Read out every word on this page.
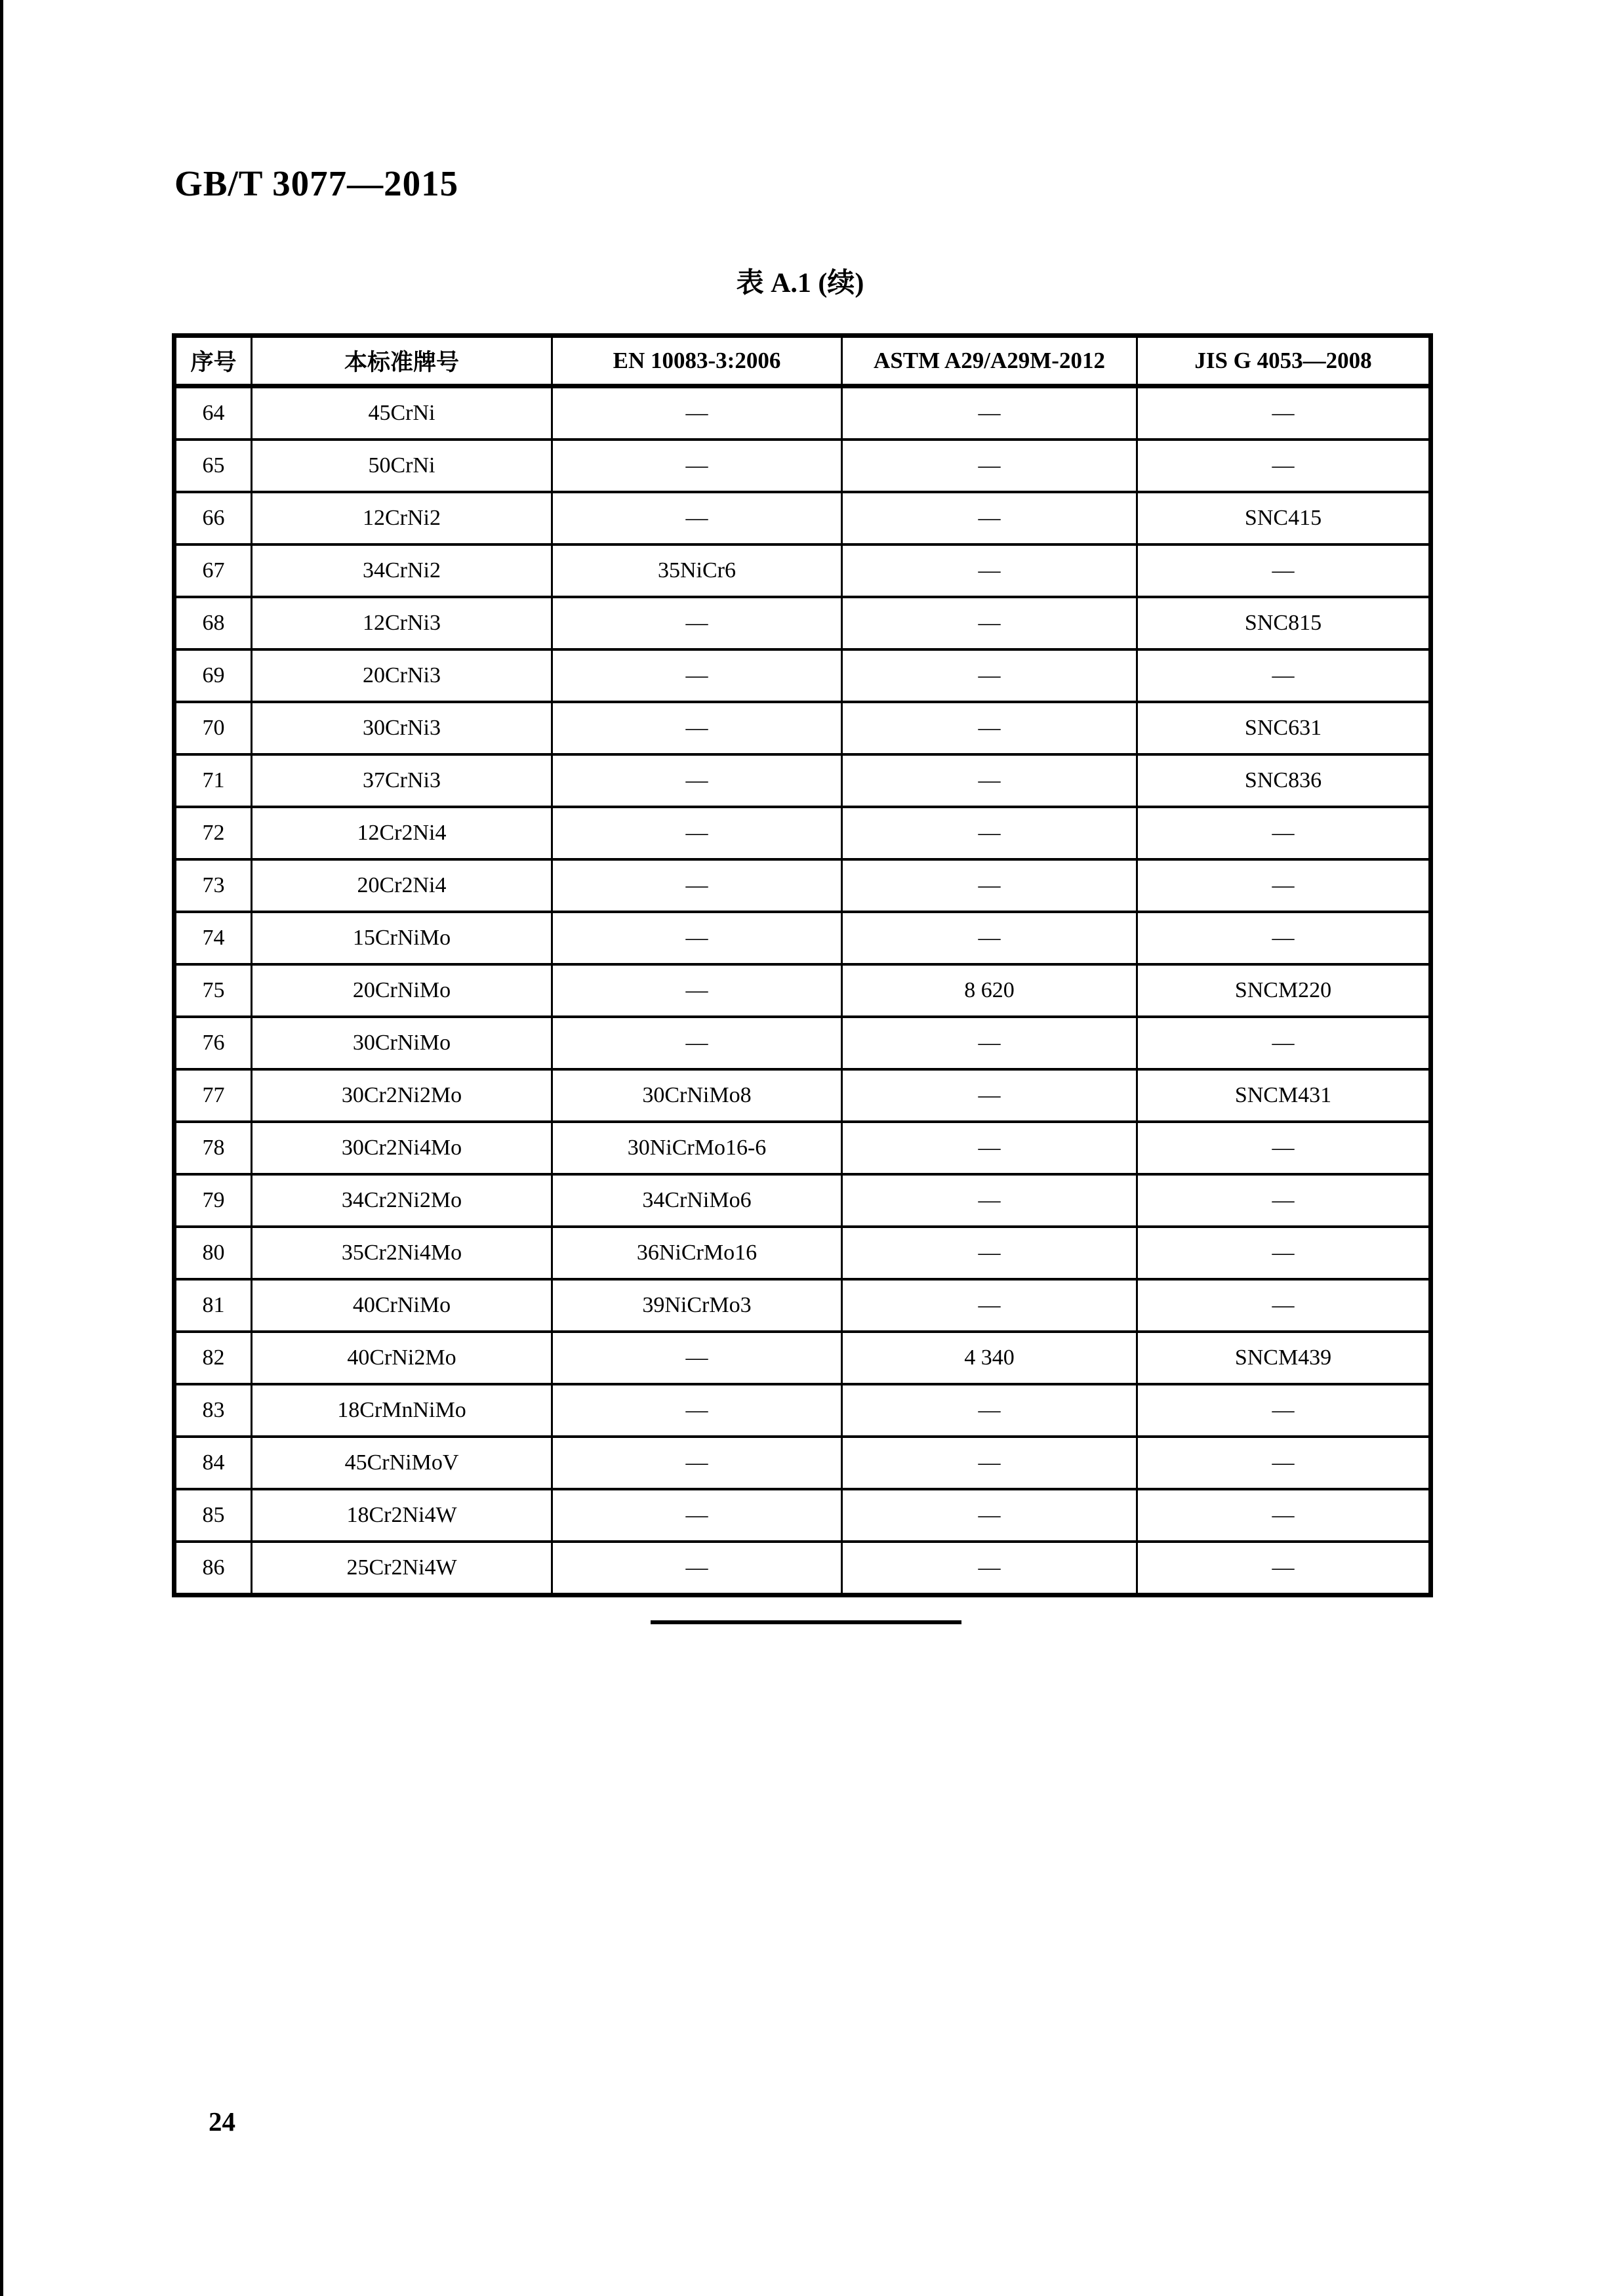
GB/T 3077—2015
表 A.1 (续)
序号	本标准牌号	EN 10083-3:2006	ASTM A29/A29M-2012	JIS G 4053—2008
64	45CrNi	—	—	—
65	50CrNi	—	—	—
66	12CrNi2	—	—	SNC415
67	34CrNi2	35NiCr6	—	—
68	12CrNi3	—	—	SNC815
69	20CrNi3	—	—	—
70	30CrNi3	—	—	SNC631
71	37CrNi3	—	—	SNC836
72	12Cr2Ni4	—	—	—
73	20Cr2Ni4	—	—	—
74	15CrNiMo	—	—	—
75	20CrNiMo	—	8 620	SNCM220
76	30CrNiMo	—	—	—
77	30Cr2Ni2Mo	30CrNiMo8	—	SNCM431
78	30Cr2Ni4Mo	30NiCrMo16-6	—	—
79	34Cr2Ni2Mo	34CrNiMo6	—	—
80	35Cr2Ni4Mo	36NiCrMo16	—	—
81	40CrNiMo	39NiCrMo3	—	—
82	40CrNi2Mo	—	4 340	SNCM439
83	18CrMnNiMo	—	—	—
84	45CrNiMoV	—	—	—
85	18Cr2Ni4W	—	—	—
86	25Cr2Ni4W	—	—	—
24
